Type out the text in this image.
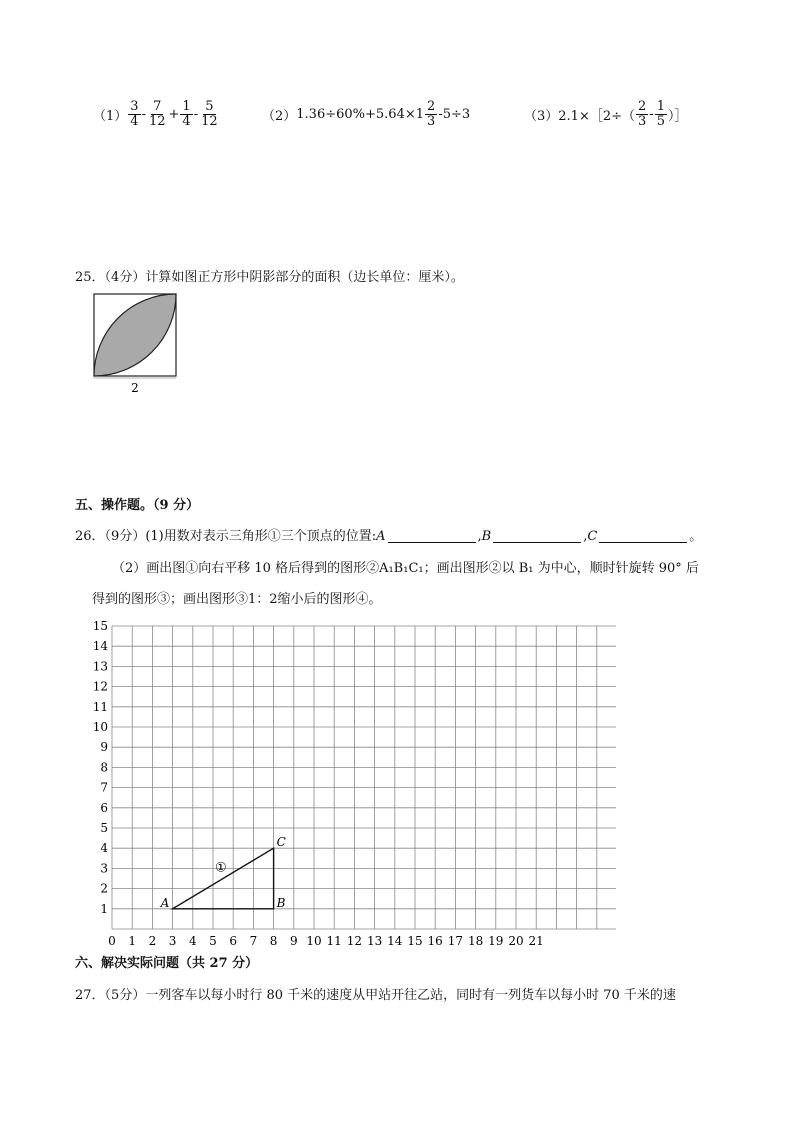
$(1) \frac{3}{4} - \frac{7}{12} + \frac{1}{4} - \frac{5}{12}$	（2） $1.36\div 60\%+5.64\times 1 \frac{2}{3} -5\div 3$	（3） 2.1×［2÷（ $\frac{2}{3} - \frac{1}{5}$ ）］
25．（4分）计算如图正方形中阴影部分的面积（边长单位：厘米）。
2
五、操作题。（9 分）
26．（9分）(1)用数对表示三角形①三个顶点的位置:A	,B	,C	。
（2）画出图①向右平移 10 格后得到的图形②A₁B₁C₁；画出图形②以 B₁ 为中心，顺时针旋转 90° 后
得到的图形③；画出图形③1：2缩小后的图形④。
1
2
3
4
5
6
7
8
9
10
11
12
13
14
15
0 1 2 3 4 5 6 7 8 9 10 11 12 13 14 15 16 17 18 19 20 21
A	B
C
①
六、解决实际问题（共 27 分）
27．（5分）一列客车以每小时行 80 千米的速度从甲站开往乙站，同时有一列货车以每小时 70 千米的速
